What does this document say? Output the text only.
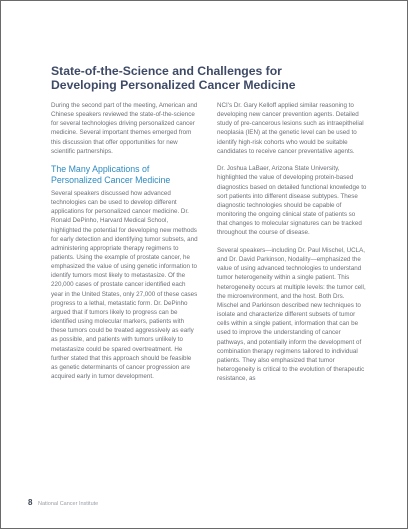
State-of-the-Science and Challenges for
Developing Personalized Cancer Medicine

During the second part of the meeting, American and Chinese speakers reviewed the state-of-the-science for several technologies driving personalized cancer medicine. Several important themes emerged from this discussion that offer opportunities for new scientific partnerships.

The Many Applications of
Personalized Cancer Medicine

Several speakers discussed how advanced technologies can be used to develop different applications for personalized cancer medicine. Dr. Ronald DePinho, Harvard Medical School, highlighted the potential for developing new methods for early detection and identifying tumor subsets, and administering appropriate therapy regimens to patients. Using the example of prostate cancer, he emphasized the value of using genetic information to identify tumors most likely to metastasize. Of the 220,000 cases of prostate cancer identified each year in the United States, only 27,000 of these cases progress to a lethal, metastatic form. Dr. DePinho argued that if tumors likely to progress can be identified using molecular markers, patients with these tumors could be treated aggressively as early as possible, and patients with tumors unlikely to metastasize could be spared overtreatment. He further stated that this approach should be feasible as genetic determinants of cancer progression are acquired early in tumor development.

NCI's Dr. Gary Kelloff applied similar reasoning to developing new cancer prevention agents. Detailed study of pre-cancerous lesions such as intraepithelial neoplasia (IEN) at the genetic level can be used to identify high-risk cohorts who would be suitable candidates to receive cancer preventative agents.

Dr. Joshua LaBaer, Arizona State University, highlighted the value of developing protein-based diagnostics based on detailed functional knowledge to sort patients into different disease subtypes. These diagnostic technologies should be capable of monitoring the ongoing clinical state of patients so that changes to molecular signatures can be tracked throughout the course of disease.

Several speakers—including Dr. Paul Mischel, UCLA, and Dr. David Parkinson, Nodality—emphasized the value of using advanced technologies to understand tumor heterogeneity within a single patient. This heterogeneity occurs at multiple levels: the tumor cell, the microenvironment, and the host. Both Drs. Mischel and Parkinson described new techniques to isolate and characterize different subsets of tumor cells within a single patient, information that can be used to improve the understanding of cancer pathways, and potentially inform the development of combination therapy regimens tailored to individual patients. They also emphasized that tumor heterogeneity is critical to the evolution of therapeutic resistance, as

8 National Cancer Institute
